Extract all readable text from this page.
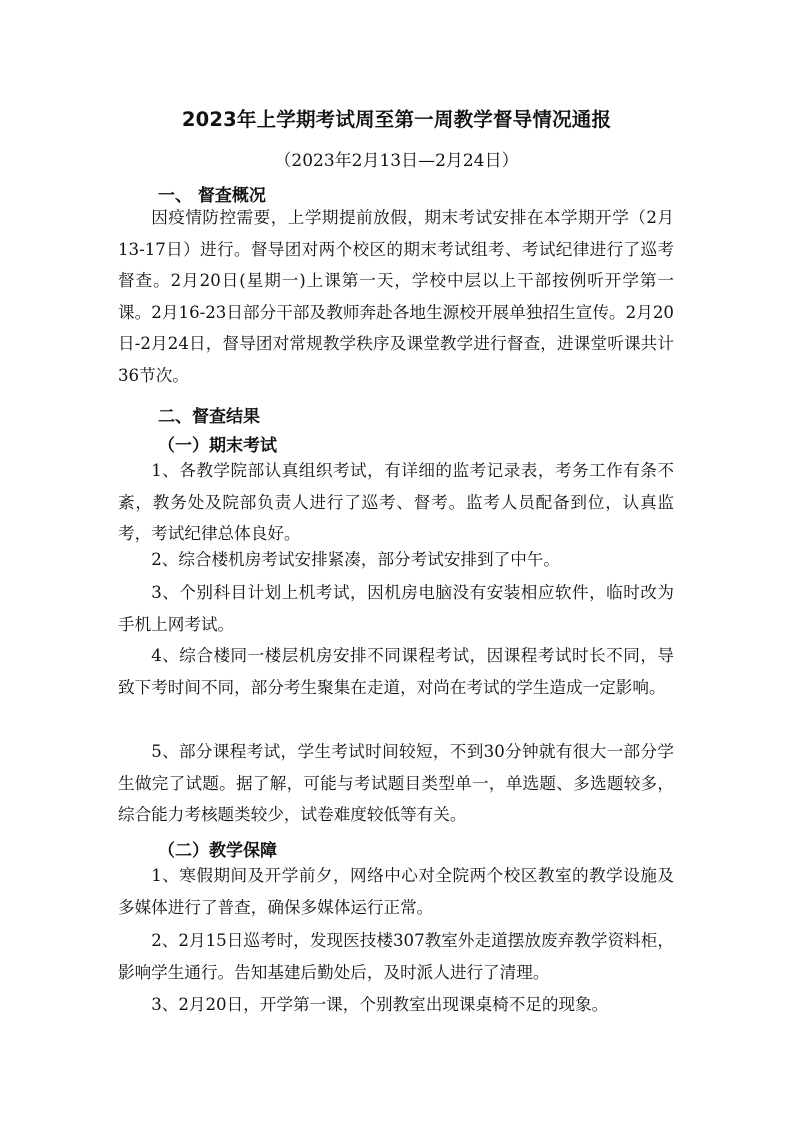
2023年上学期考试周至第一周教学督导情况通报
（2023年2月13日—2月24日）
一、 督查概况

因疫情防控需要，上学期提前放假，期末考试安排在本学期开学（2月13-17日）进行。督导团对两个校区的期末考试组考、考试纪律进行了巡考督查。2月20日(星期一)上课第一天，学校中层以上干部按例听开学第一课。2月16-23日部分干部及教师奔赴各地生源校开展单独招生宣传。2月20日-2月24日，督导团对常规教学秩序及课堂教学进行督查，进课堂听课共计36节次。

二、督查结果
（一）期末考试

1、各教学院部认真组织考试，有详细的监考记录表，考务工作有条不紊，教务处及院部负责人进行了巡考、督考。监考人员配备到位，认真监考，考试纪律总体良好。

2、综合楼机房考试安排紧凑，部分考试安排到了中午。

3、个别科目计划上机考试，因机房电脑没有安装相应软件，临时改为手机上网考试。

4、综合楼同一楼层机房安排不同课程考试，因课程考试时长不同，导致下考时间不同，部分考生聚集在走道，对尚在考试的学生造成一定影响。

5、部分课程考试，学生考试时间较短，不到30分钟就有很大一部分学生做完了试题。据了解，可能与考试题目类型单一，单选题、多选题较多，综合能力考核题类较少，试卷难度较低等有关。

（二）教学保障

1、寒假期间及开学前夕，网络中心对全院两个校区教室的教学设施及多媒体进行了普查，确保多媒体运行正常。

2、2月15日巡考时，发现医技楼307教室外走道摆放废弃教学资料柜，影响学生通行。告知基建后勤处后，及时派人进行了清理。

3、2月20日，开学第一课，个别教室出现课桌椅不足的现象。
